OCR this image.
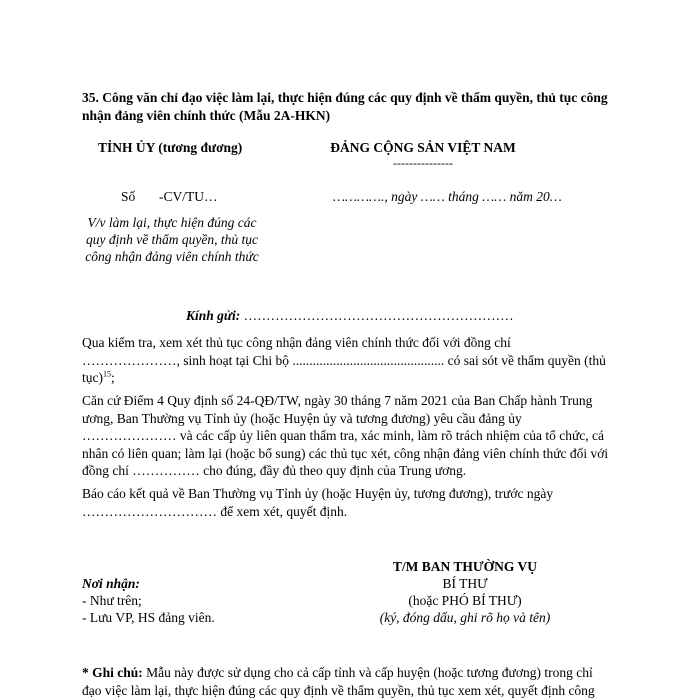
35. Công văn chỉ đạo việc làm lại, thực hiện đúng các quy định về thẩm quyền, thủ tục công
nhận đảng viên chính thức (Mẫu 2A-HKN)
TỈNH ỦY (tương đương)	ĐẢNG CỘNG SẢN VIỆT NAM
---------------
Số -CV/TU…	…………., ngày …… tháng …… năm 20…
V/v làm lại, thực hiện đúng các
quy định về thẩm quyền, thủ tục
công nhận đảng viên chính thức
Kính gửi: ……………………………………………………
Qua kiểm tra, xem xét thủ tục công nhận đảng viên chính thức đối với đồng chí
…………………, sinh hoạt tại Chi bộ ............................................. có sai sót về thẩm quyền (thủ
tục)$^{15}$;
Căn cứ Điểm 4 Quy định số 24-QĐ/TW, ngày 30 tháng 7 năm 2021 của Ban Chấp hành Trung
ương, Ban Thường vụ Tỉnh ủy (hoặc Huyện ủy và tương đương) yêu cầu đảng ủy
………………… và các cấp ủy liên quan thẩm tra, xác minh, làm rõ trách nhiệm của tổ chức, cá
nhân có liên quan; làm lại (hoặc bổ sung) các thủ tục xét, công nhận đảng viên chính thức đối với
đồng chí …………… cho đúng, đầy đủ theo quy định của Trung ương.
Báo cáo kết quả về Ban Thường vụ Tỉnh ủy (hoặc Huyện ủy, tương đương), trước ngày
………………………… để xem xét, quyết định.
T/M BAN THƯỜNG VỤ
BÍ THƯ
(hoặc PHÓ BÍ THƯ)
(ký, đóng dấu, ghi rõ họ và tên)
Nơi nhận:
- Như trên;
- Lưu VP, HS đảng viên.
* Ghi chú: Mẫu này được sử dụng cho cả cấp tỉnh và cấp huyện (hoặc tương đương) trong chỉ
đạo việc làm lại, thực hiện đúng các quy định về thẩm quyền, thủ tục xem xét, quyết định công
